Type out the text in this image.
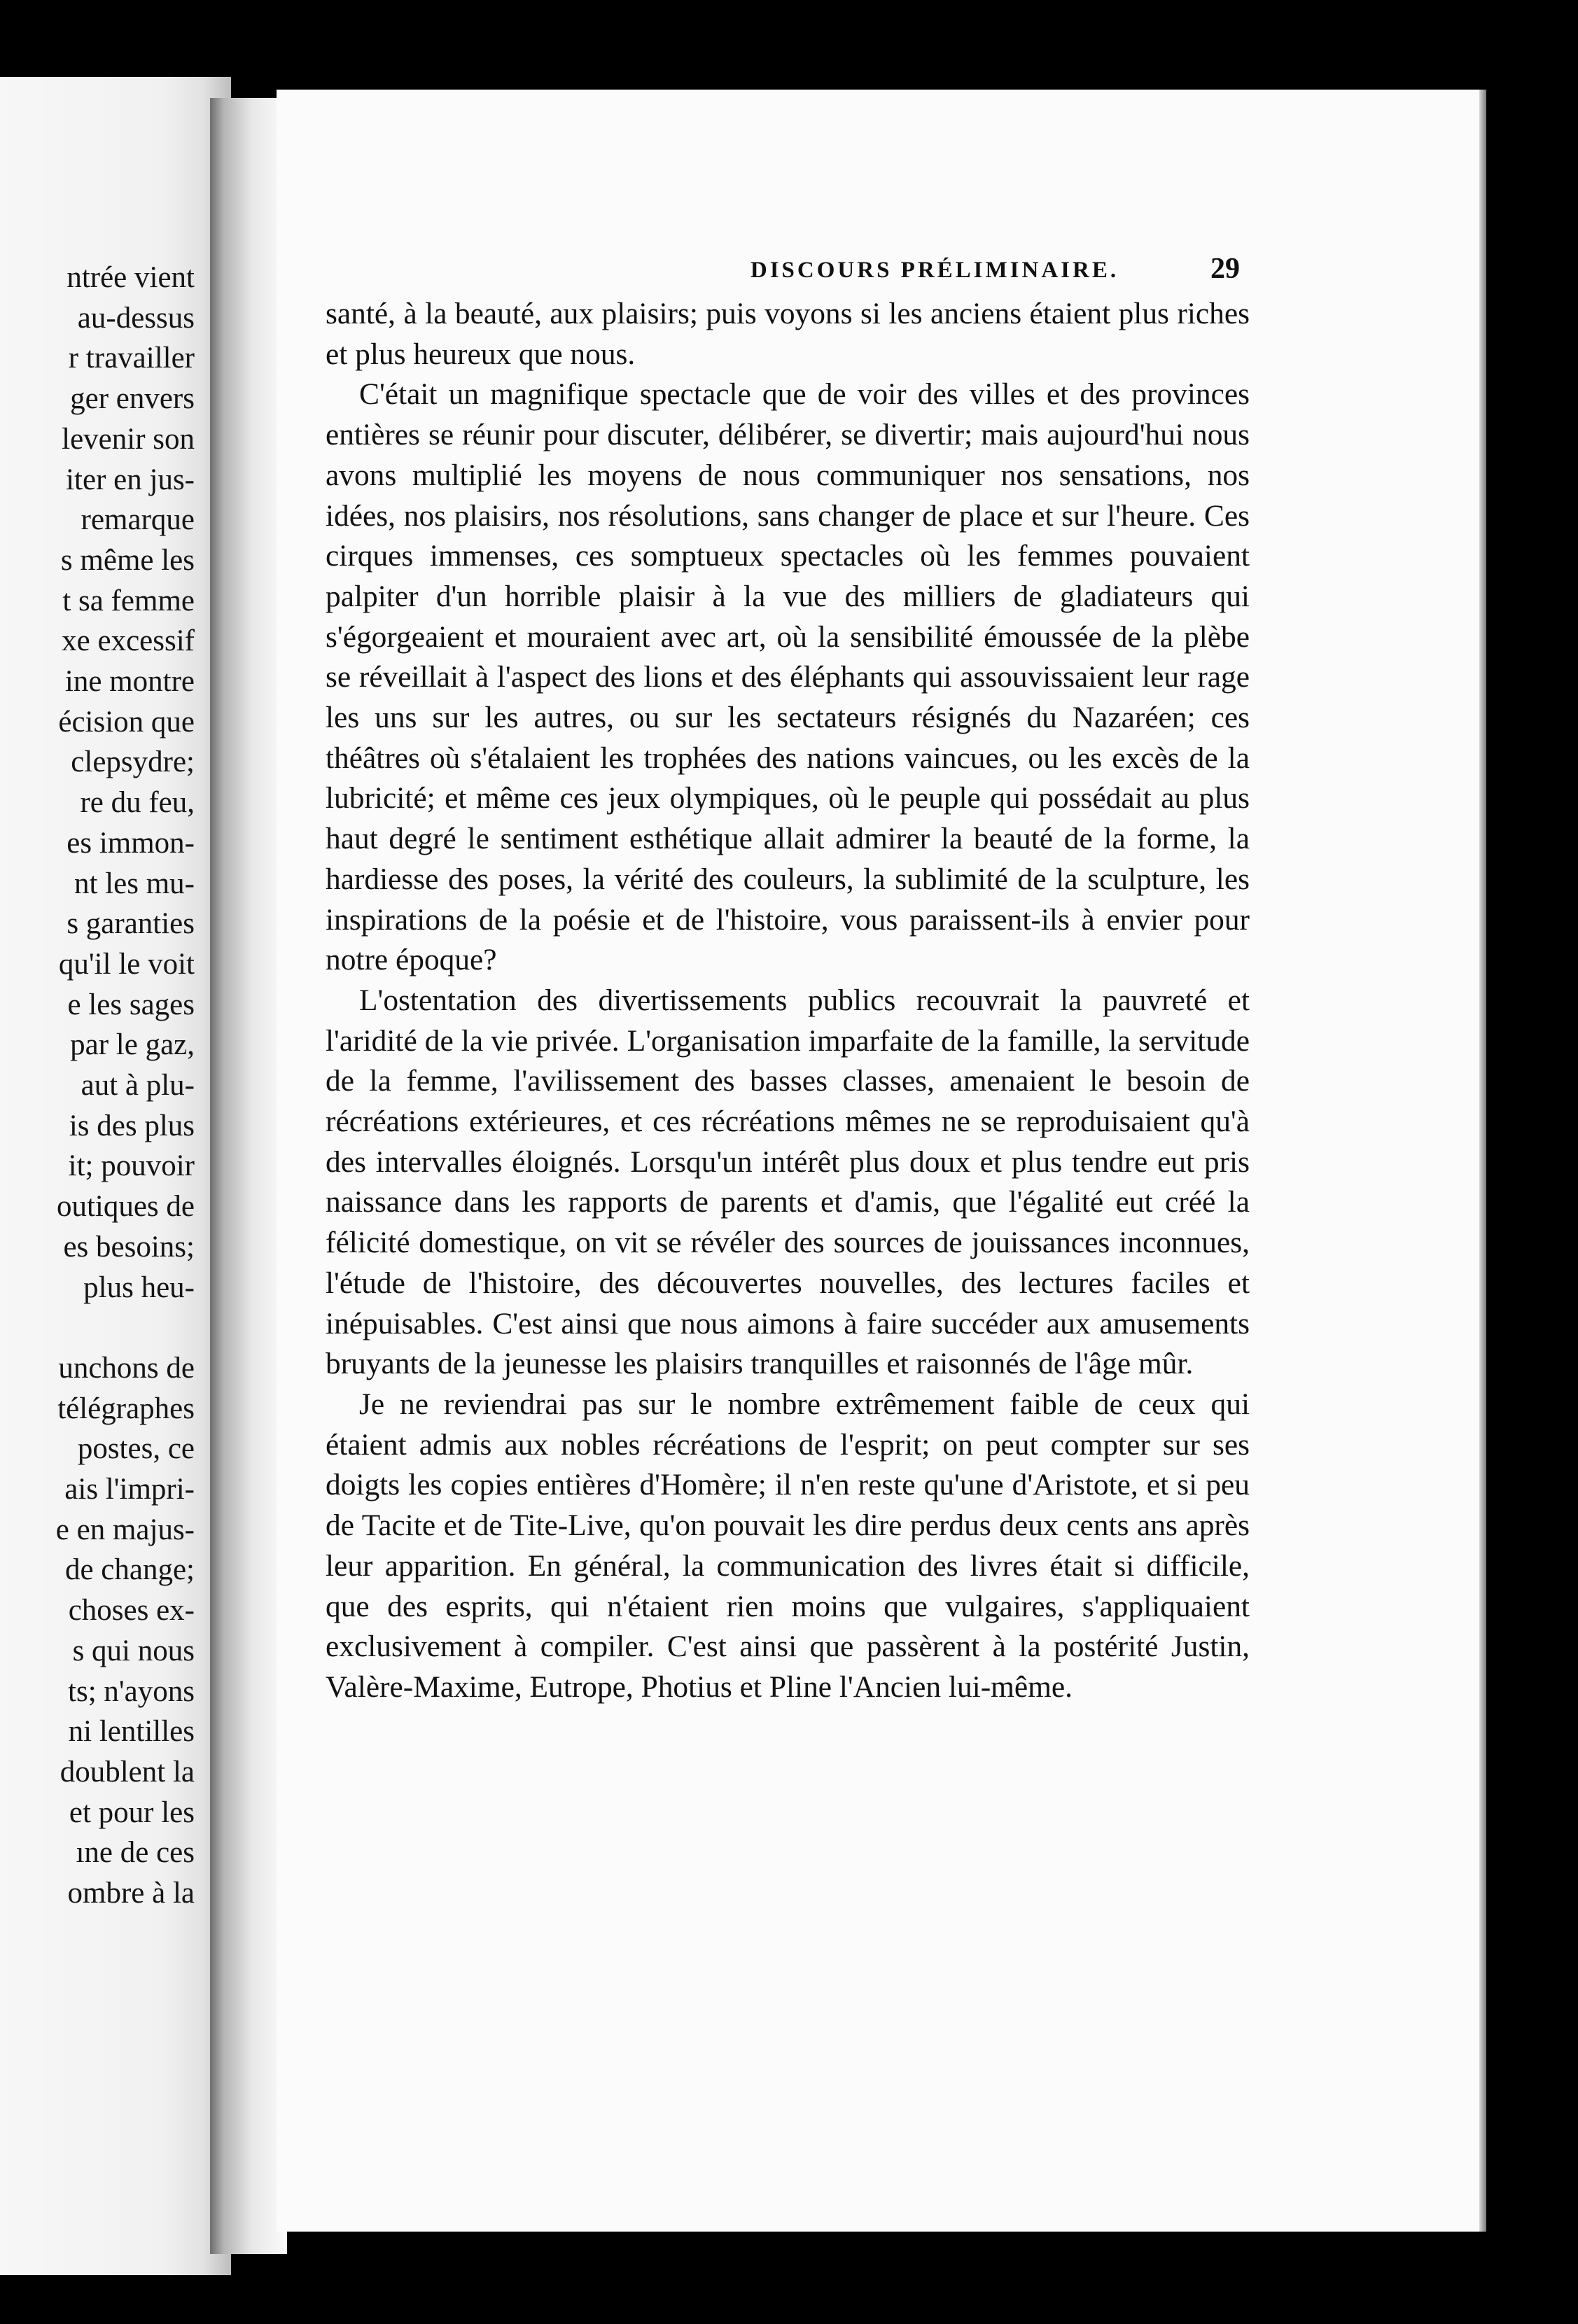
ntrée vient
au-dessus
r travailler
ger envers
levenir son
iter en jus-
remarque
s même les
t sa femme
xe excessif
ine montre
écision que
clepsydre;
re du feu,
es immon-
nt les mu-
s garanties
qu'il le voit
e les sages
par le gaz,
aut à plu-
is des plus
it; pouvoir
outiques de
es besoins;
plus heu-
unchons de
télégraphes
postes, ce
ais l'impri-
e en majus-
de change;
choses ex-
s qui nous
ts; n'ayons
ni lentilles
doublent la
et pour les
ıne de ces
ombre à la
DISCOURS PRÉLIMINAIRE.	29

santé, à la beauté, aux plaisirs; puis voyons si les anciens étaient plus riches et plus heureux que nous.

C'était un magnifique spectacle que de voir des villes et des provinces entières se réunir pour discuter, délibérer, se divertir; mais aujourd'hui nous avons multiplié les moyens de nous communiquer nos sensations, nos idées, nos plaisirs, nos résolutions, sans changer de place et sur l'heure. Ces cirques immenses, ces somptueux spectacles où les femmes pouvaient palpiter d'un horrible plaisir à la vue des milliers de gladiateurs qui s'égorgeaient et mouraient avec art, où la sensibilité émoussée de la plèbe se réveillait à l'aspect des lions et des éléphants qui assouvissaient leur rage les uns sur les autres, ou sur les sectateurs résignés du Nazaréen; ces théâtres où s'étalaient les trophées des nations vaincues, ou les excès de la lubricité; et même ces jeux olympiques, où le peuple qui possédait au plus haut degré le sentiment esthétique allait admirer la beauté de la forme, la hardiesse des poses, la vérité des couleurs, la sublimité de la sculpture, les inspirations de la poésie et de l'histoire, vous paraissent-ils à envier pour notre époque?

L'ostentation des divertissements publics recouvrait la pauvreté et l'aridité de la vie privée. L'organisation imparfaite de la famille, la servitude de la femme, l'avilissement des basses classes, amenaient le besoin de récréations extérieures, et ces récréations mêmes ne se reproduisaient qu'à des intervalles éloignés. Lorsqu'un intérêt plus doux et plus tendre eut pris naissance dans les rapports de parents et d'amis, que l'égalité eut créé la félicité domestique, on vit se révéler des sources de jouissances inconnues, l'étude de l'histoire, des découvertes nouvelles, des lectures faciles et inépuisables. C'est ainsi que nous aimons à faire succéder aux amusements bruyants de la jeunesse les plaisirs tranquilles et raisonnés de l'âge mûr.

Je ne reviendrai pas sur le nombre extrêmement faible de ceux qui étaient admis aux nobles récréations de l'esprit; on peut compter sur ses doigts les copies entières d'Homère; il n'en reste qu'une d'Aristote, et si peu de Tacite et de Tite-Live, qu'on pouvait les dire perdus deux cents ans après leur apparition. En général, la communication des livres était si difficile, que des esprits, qui n'étaient rien moins que vulgaires, s'appliquaient exclusivement à compiler. C'est ainsi que passèrent à la postérité Justin, Valère-Maxime, Eutrope, Photius et Pline l'Ancien lui-même.
